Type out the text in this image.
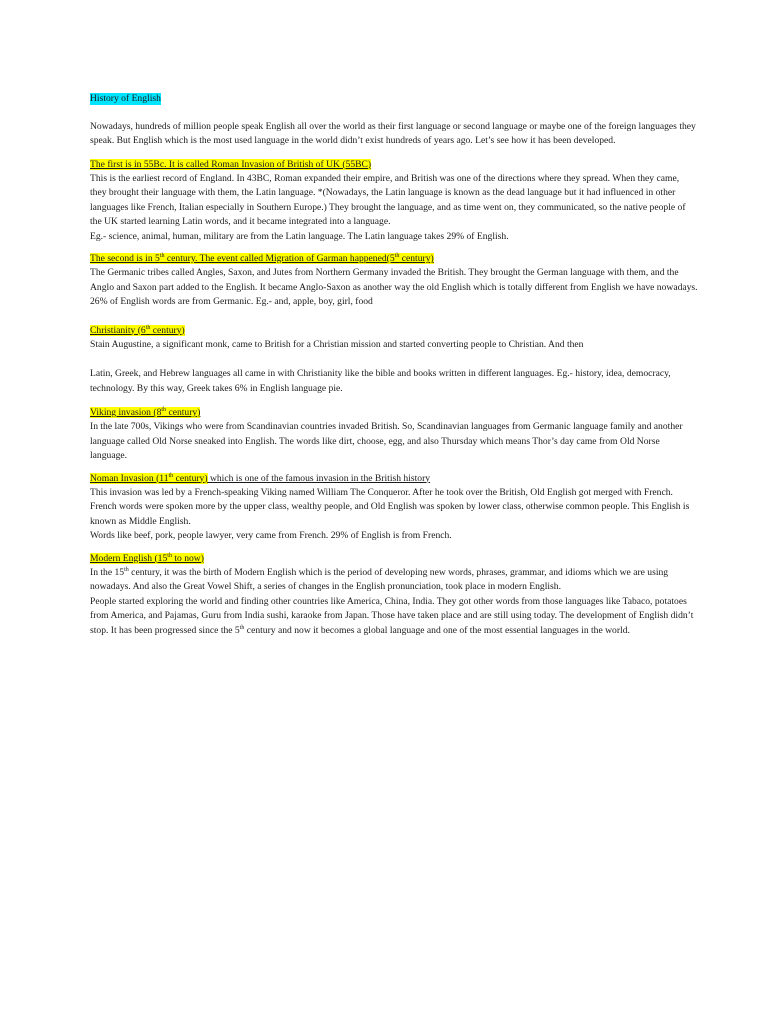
History of English

Nowadays, hundreds of million people speak English all over the world as their first language or second language or maybe one of the foreign languages they speak. But English which is the most used language in the world didn’t exist hundreds of years ago. Let’s see how it has been developed.

The first is in 55Bc. It is called Roman Invasion of British of UK (55BC)

This is the earliest record of England. In 43BC, Roman expanded their empire, and British was one of the directions where they spread. When they came, they brought their language with them, the Latin language. *(Nowadays, the Latin language is known as the dead language but it had influenced in other languages like French, Italian especially in Southern Europe.) They brought the language, and as time went on, they communicated, so the native people of the UK started learning Latin words, and it became integrated into a language.

Eg.- science, animal, human, military are from the Latin language. The Latin language takes 29% of English.

The second is in 5th century. The event called Migration of Garman happened(5th century)

The Germanic tribes called Angles, Saxon, and Jutes from Northern Germany invaded the British. They brought the German language with them, and the Anglo and Saxon part added to the English. It became Anglo-Saxon as another way the old English which is totally different from English we have nowadays. 26% of English words are from Germanic. Eg.- and, apple, boy, girl, food

Christianity (6th century)

Stain Augustine, a significant monk, came to British for a Christian mission and started converting people to Christian. And then

Latin, Greek, and Hebrew languages all came in with Christianity like the bible and books written in different languages. Eg.- history, idea, democracy, technology. By this way, Greek takes 6% in English language pie.

Viking invasion (8th century)

In the late 700s, Vikings who were from Scandinavian countries invaded British. So, Scandinavian languages from Germanic language family and another language called Old Norse sneaked into English. The words like dirt, choose, egg, and also Thursday which means Thor’s day came from Old Norse language.

Noman Invasion (11th century) which is one of the famous invasion in the British history

This invasion was led by a French-speaking Viking named William The Conqueror. After he took over the British, Old English got merged with French. French words were spoken more by the upper class, wealthy people, and Old English was spoken by lower class, otherwise common people. This English is known as Middle English.

Words like beef, pork, people lawyer, very came from French. 29% of English is from French.

Modern English (15th to now)

In the 15th century, it was the birth of Modern English which is the period of developing new words, phrases, grammar, and idioms which we are using nowadays. And also the Great Vowel Shift, a series of changes in the English pronunciation, took place in modern English.

People started exploring the world and finding other countries like America, China, India. They got other words from those languages like Tabaco, potatoes from America, and Pajamas, Guru from India sushi, karaoke from Japan. Those have taken place and are still using today. The development of English didn’t stop. It has been progressed since the 5th century and now it becomes a global language and one of the most essential languages in the world.
